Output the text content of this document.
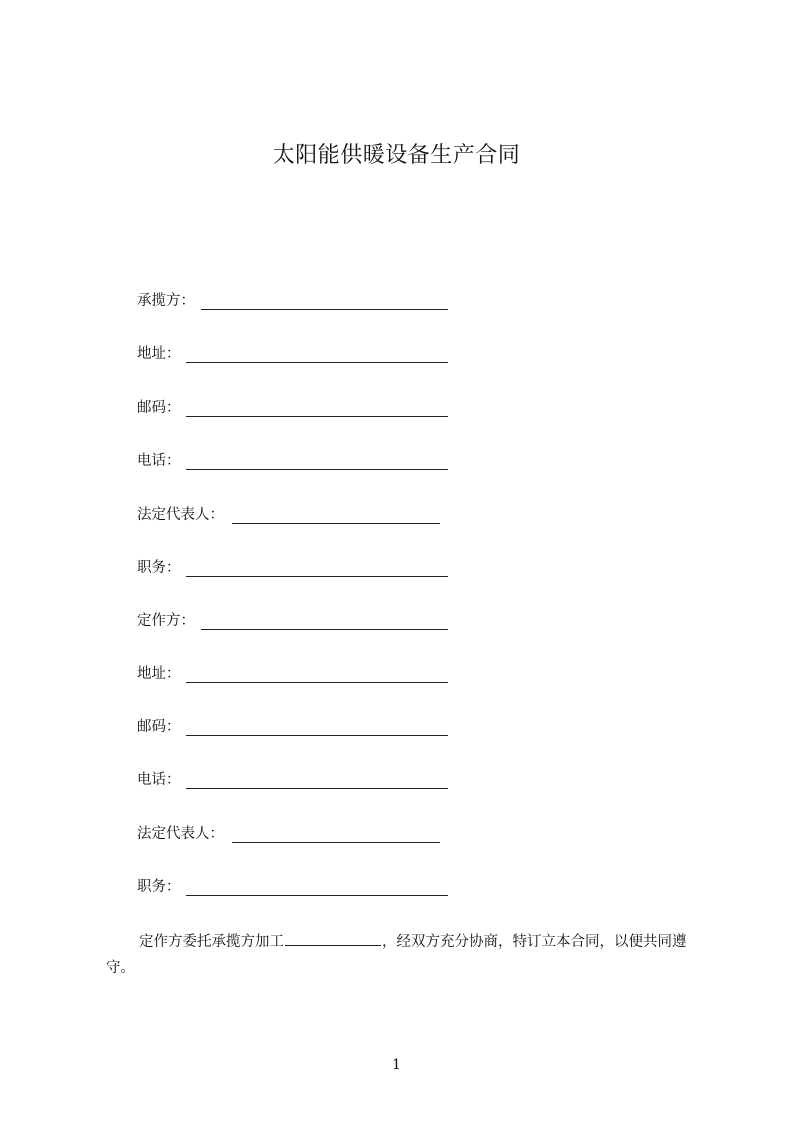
太阳能供暖设备生产合同
承揽方：
地址：
邮码：
电话：
法定代表人：
职务：
定作方：
地址：
邮码：
电话：
法定代表人：
职务：
定作方委托承揽方加工	，经双方充分协商，特订立本合同，以便共同遵守。
1
